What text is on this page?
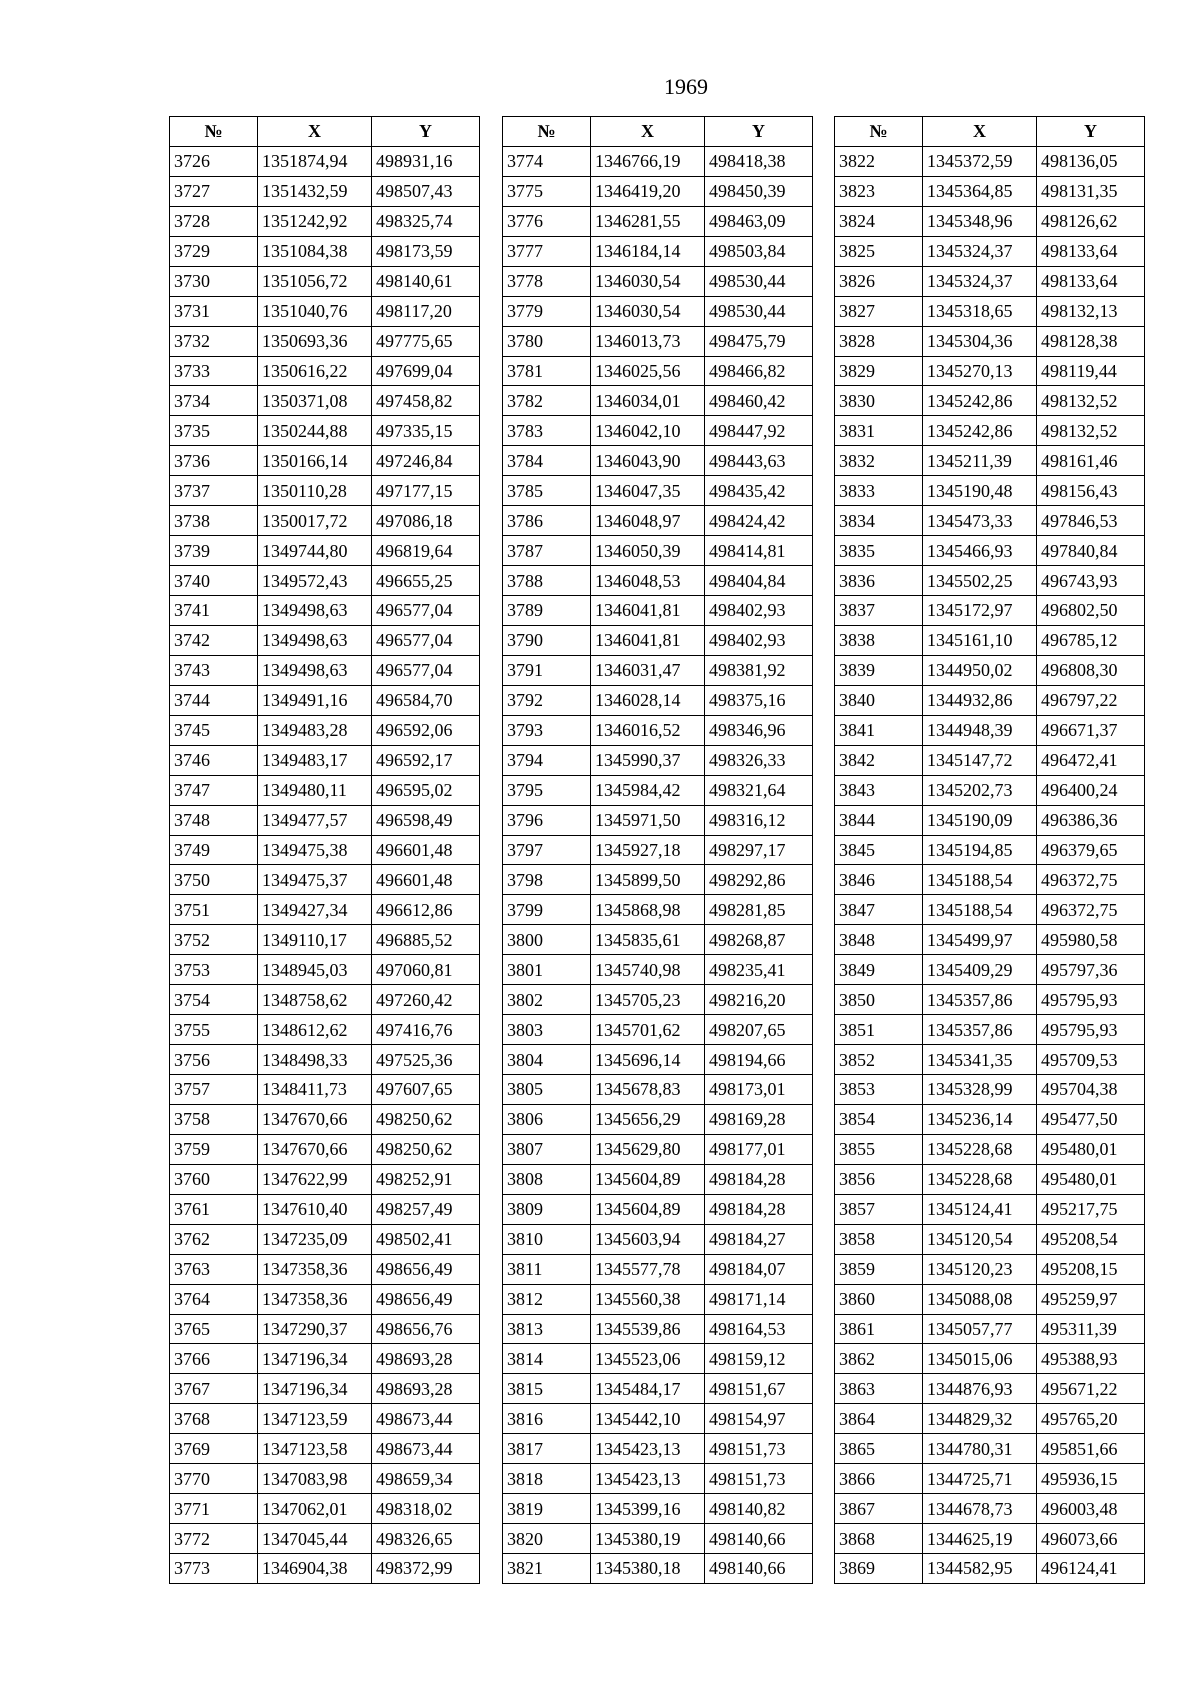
1969
№	X	Y
3726	1351874,94	498931,16
3727	1351432,59	498507,43
3728	1351242,92	498325,74
3729	1351084,38	498173,59
3730	1351056,72	498140,61
3731	1351040,76	498117,20
3732	1350693,36	497775,65
3733	1350616,22	497699,04
3734	1350371,08	497458,82
3735	1350244,88	497335,15
3736	1350166,14	497246,84
3737	1350110,28	497177,15
3738	1350017,72	497086,18
3739	1349744,80	496819,64
3740	1349572,43	496655,25
3741	1349498,63	496577,04
3742	1349498,63	496577,04
3743	1349498,63	496577,04
3744	1349491,16	496584,70
3745	1349483,28	496592,06
3746	1349483,17	496592,17
3747	1349480,11	496595,02
3748	1349477,57	496598,49
3749	1349475,38	496601,48
3750	1349475,37	496601,48
3751	1349427,34	496612,86
3752	1349110,17	496885,52
3753	1348945,03	497060,81
3754	1348758,62	497260,42
3755	1348612,62	497416,76
3756	1348498,33	497525,36
3757	1348411,73	497607,65
3758	1347670,66	498250,62
3759	1347670,66	498250,62
3760	1347622,99	498252,91
3761	1347610,40	498257,49
3762	1347235,09	498502,41
3763	1347358,36	498656,49
3764	1347358,36	498656,49
3765	1347290,37	498656,76
3766	1347196,34	498693,28
3767	1347196,34	498693,28
3768	1347123,59	498673,44
3769	1347123,58	498673,44
3770	1347083,98	498659,34
3771	1347062,01	498318,02
3772	1347045,44	498326,65
3773	1346904,38	498372,99
№	X	Y
3774	1346766,19	498418,38
3775	1346419,20	498450,39
3776	1346281,55	498463,09
3777	1346184,14	498503,84
3778	1346030,54	498530,44
3779	1346030,54	498530,44
3780	1346013,73	498475,79
3781	1346025,56	498466,82
3782	1346034,01	498460,42
3783	1346042,10	498447,92
3784	1346043,90	498443,63
3785	1346047,35	498435,42
3786	1346048,97	498424,42
3787	1346050,39	498414,81
3788	1346048,53	498404,84
3789	1346041,81	498402,93
3790	1346041,81	498402,93
3791	1346031,47	498381,92
3792	1346028,14	498375,16
3793	1346016,52	498346,96
3794	1345990,37	498326,33
3795	1345984,42	498321,64
3796	1345971,50	498316,12
3797	1345927,18	498297,17
3798	1345899,50	498292,86
3799	1345868,98	498281,85
3800	1345835,61	498268,87
3801	1345740,98	498235,41
3802	1345705,23	498216,20
3803	1345701,62	498207,65
3804	1345696,14	498194,66
3805	1345678,83	498173,01
3806	1345656,29	498169,28
3807	1345629,80	498177,01
3808	1345604,89	498184,28
3809	1345604,89	498184,28
3810	1345603,94	498184,27
3811	1345577,78	498184,07
3812	1345560,38	498171,14
3813	1345539,86	498164,53
3814	1345523,06	498159,12
3815	1345484,17	498151,67
3816	1345442,10	498154,97
3817	1345423,13	498151,73
3818	1345423,13	498151,73
3819	1345399,16	498140,82
3820	1345380,19	498140,66
3821	1345380,18	498140,66
№	X	Y
3822	1345372,59	498136,05
3823	1345364,85	498131,35
3824	1345348,96	498126,62
3825	1345324,37	498133,64
3826	1345324,37	498133,64
3827	1345318,65	498132,13
3828	1345304,36	498128,38
3829	1345270,13	498119,44
3830	1345242,86	498132,52
3831	1345242,86	498132,52
3832	1345211,39	498161,46
3833	1345190,48	498156,43
3834	1345473,33	497846,53
3835	1345466,93	497840,84
3836	1345502,25	496743,93
3837	1345172,97	496802,50
3838	1345161,10	496785,12
3839	1344950,02	496808,30
3840	1344932,86	496797,22
3841	1344948,39	496671,37
3842	1345147,72	496472,41
3843	1345202,73	496400,24
3844	1345190,09	496386,36
3845	1345194,85	496379,65
3846	1345188,54	496372,75
3847	1345188,54	496372,75
3848	1345499,97	495980,58
3849	1345409,29	495797,36
3850	1345357,86	495795,93
3851	1345357,86	495795,93
3852	1345341,35	495709,53
3853	1345328,99	495704,38
3854	1345236,14	495477,50
3855	1345228,68	495480,01
3856	1345228,68	495480,01
3857	1345124,41	495217,75
3858	1345120,54	495208,54
3859	1345120,23	495208,15
3860	1345088,08	495259,97
3861	1345057,77	495311,39
3862	1345015,06	495388,93
3863	1344876,93	495671,22
3864	1344829,32	495765,20
3865	1344780,31	495851,66
3866	1344725,71	495936,15
3867	1344678,73	496003,48
3868	1344625,19	496073,66
3869	1344582,95	496124,41
